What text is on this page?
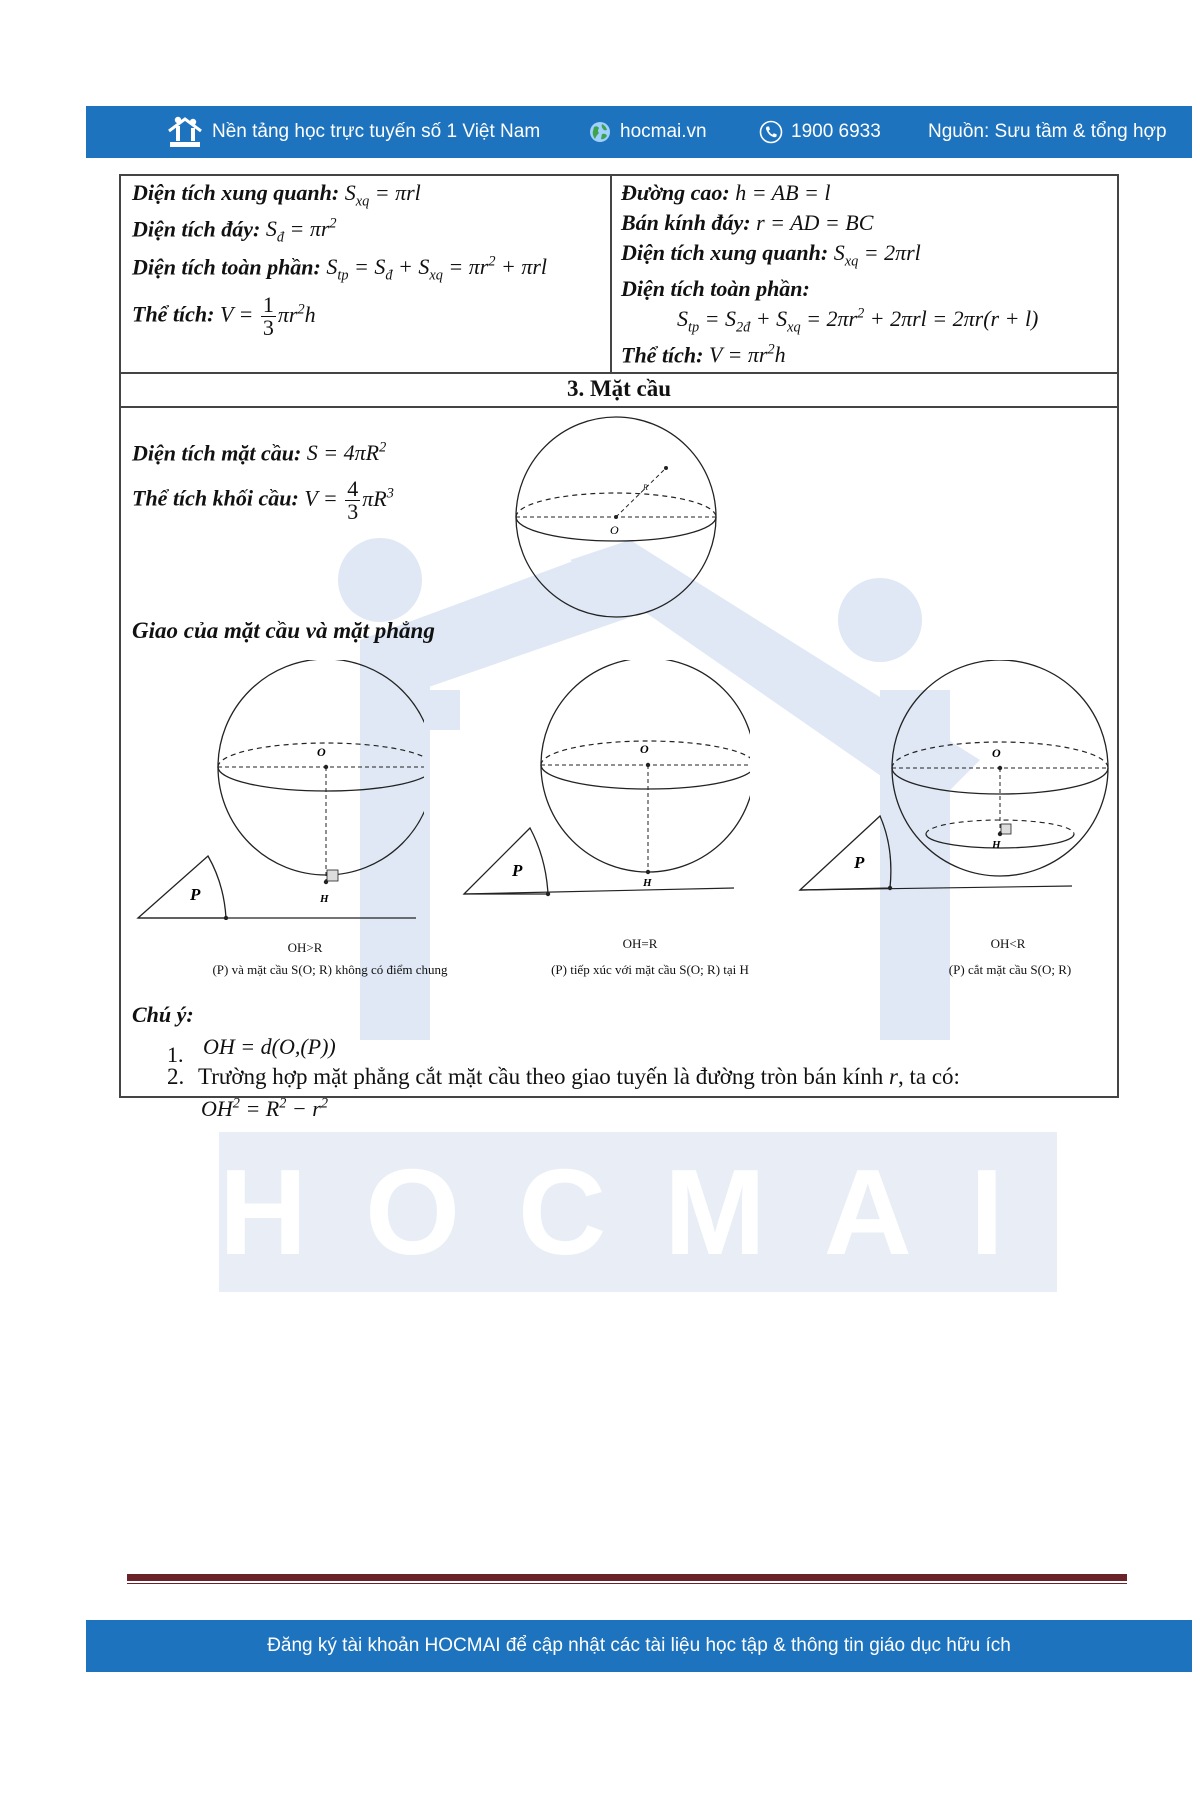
Nền tảng học trực tuyến số 1 Việt Nam	hocmai.vn	1900 6933 Nguồn: Sưu tầm & tổng hợp
HOCMAI
Diện tích xung quanh: $S_{xq} = \pi rl$
Diện tích đáy: $S_đ = \pi r^2$
Diện tích toàn phần: $S_{tp} = S_đ + S_{xq} = \pi r^2 + \pi rl$
Thể tích: $V = \frac{1}{3} \pi r^2h$
Đường cao: h = AB = l
Bán kính đáy: r = AD = BC
Diện tích xung quanh: $S_{xq} = 2\pi rl$
Diện tích toàn phần:
$S_{tp} = S_{2đ} + S_{xq} = 2\pi r^2 + 2\pi rl = 2\pi r(r + l)$
Thể tích: $V = \pi r^2h$
3. Mặt cầu
Diện tích mặt cầu: $S = 4\pi R^2$
Thể tích khối cầu: $V = \frac{4}{3} \pi R^3$
Giao của mặt cầu và mặt phẳng
Chú ý:
1. OH = d(O,(P))
2. Trường hợp mặt phẳng cắt mặt cầu theo giao tuyến là đường tròn bán kính r, ta có:
$OH^2 = R^2 - r^2$
O
R
O
H
P
OH>R
(P) và mặt cầu S(O; R) không có điểm chung
O
H
P
OH=R
(P) tiếp xúc với mặt cầu S(O; R) tại H
O
H
P
OH<R
(P) cắt mặt cầu S(O; R)
Đăng ký tài khoản HOCMAI để cập nhật các tài liệu học tập & thông tin giáo dục hữu ích
